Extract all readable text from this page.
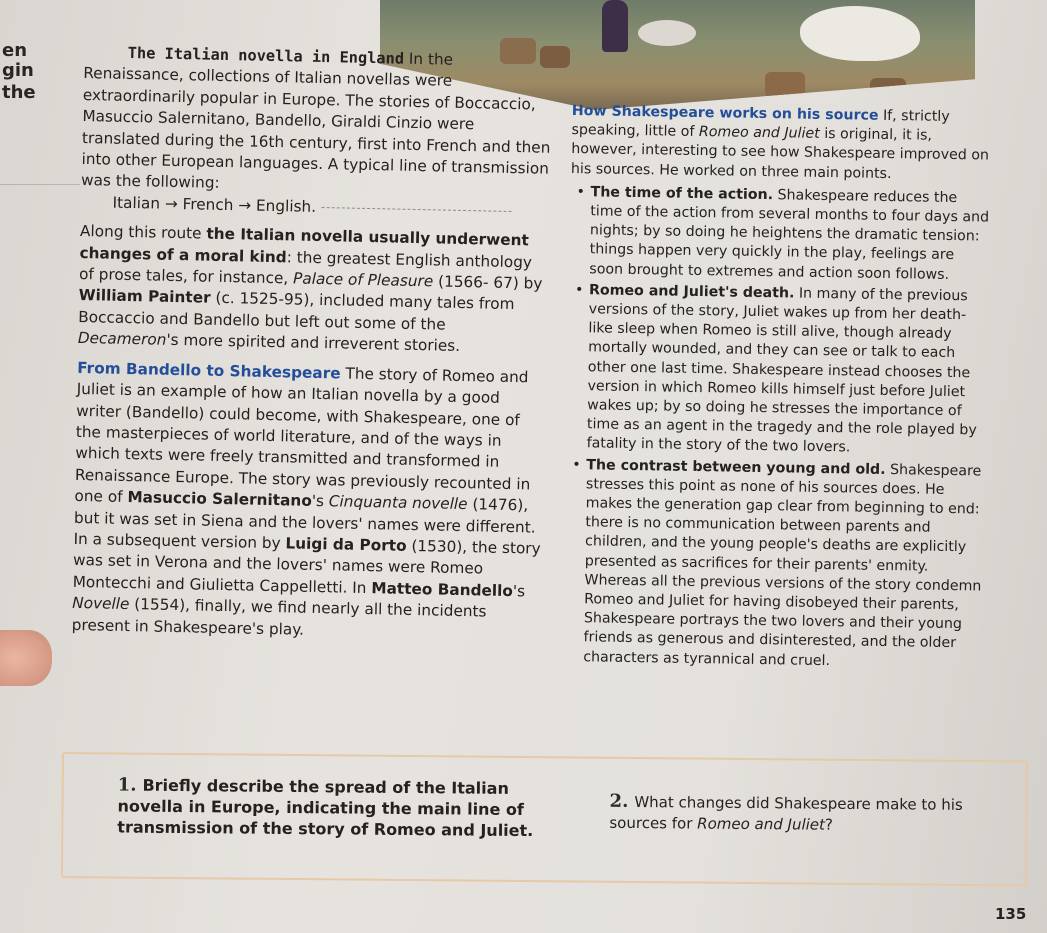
en
gin
the

The Italian novella in England In the Renaissance, collections of Italian novellas were extraordinarily popular in Europe. The stories of Boccaccio, Masuccio Salernitano, Bandello, Giraldi Cinzio were translated during the 16th century, first into French and then into other European languages. A typical line of transmission was the following:
Italian → French → English.

Along this route the Italian novella usually underwent changes of a moral kind: the greatest English anthology of prose tales, for instance, Palace of Pleasure (1566- 67) by William Painter (c. 1525-95), included many tales from Boccaccio and Bandello but left out some of the Decameron's more spirited and irreverent stories.

From Bandello to Shakespeare The story of Romeo and Juliet is an example of how an Italian novella by a good writer (Bandello) could become, with Shakespeare, one of the masterpieces of world literature, and of the ways in which texts were freely transmitted and transformed in Renaissance Europe. The story was previously recounted in one of Masuccio Salernitano's Cinquanta novelle (1476), but it was set in Siena and the lovers' names were different. In a subsequent version by Luigi da Porto (1530), the story was set in Verona and the lovers' names were Romeo Montecchi and Giulietta Cappelletti. In Matteo Bandello's Novelle (1554), finally, we find nearly all the incidents present in Shakespeare's play.

How Shakespeare works on his source If, strictly speaking, little of Romeo and Juliet is original, it is, however, interesting to see how Shakespeare improved on his sources. He worked on three main points.

• The time of the action. Shakespeare reduces the time of the action from several months to four days and nights; by so doing he heightens the dramatic tension: things happen very quickly in the play, feelings are soon brought to extremes and action soon follows.
• Romeo and Juliet's death. In many of the previous versions of the story, Juliet wakes up from her death-like sleep when Romeo is still alive, though already mortally wounded, and they can see or talk to each other one last time. Shakespeare instead chooses the version in which Romeo kills himself just before Juliet wakes up; by so doing he stresses the importance of time as an agent in the tragedy and the role played by fatality in the story of the two lovers.
• The contrast between young and old. Shakespeare stresses this point as none of his sources does. He makes the generation gap clear from beginning to end: there is no communication between parents and children, and the young people's deaths are explicitly presented as sacrifices for their parents' enmity. Whereas all the previous versions of the story condemn Romeo and Juliet for having disobeyed their parents, Shakespeare portrays the two lovers and their young friends as generous and disinterested, and the older characters as tyrannical and cruel.
1. Briefly describe the spread of the Italian novella in Europe, indicating the main line of transmission of the story of Romeo and Juliet.
2. What changes did Shakespeare make to his sources for Romeo and Juliet?
135
